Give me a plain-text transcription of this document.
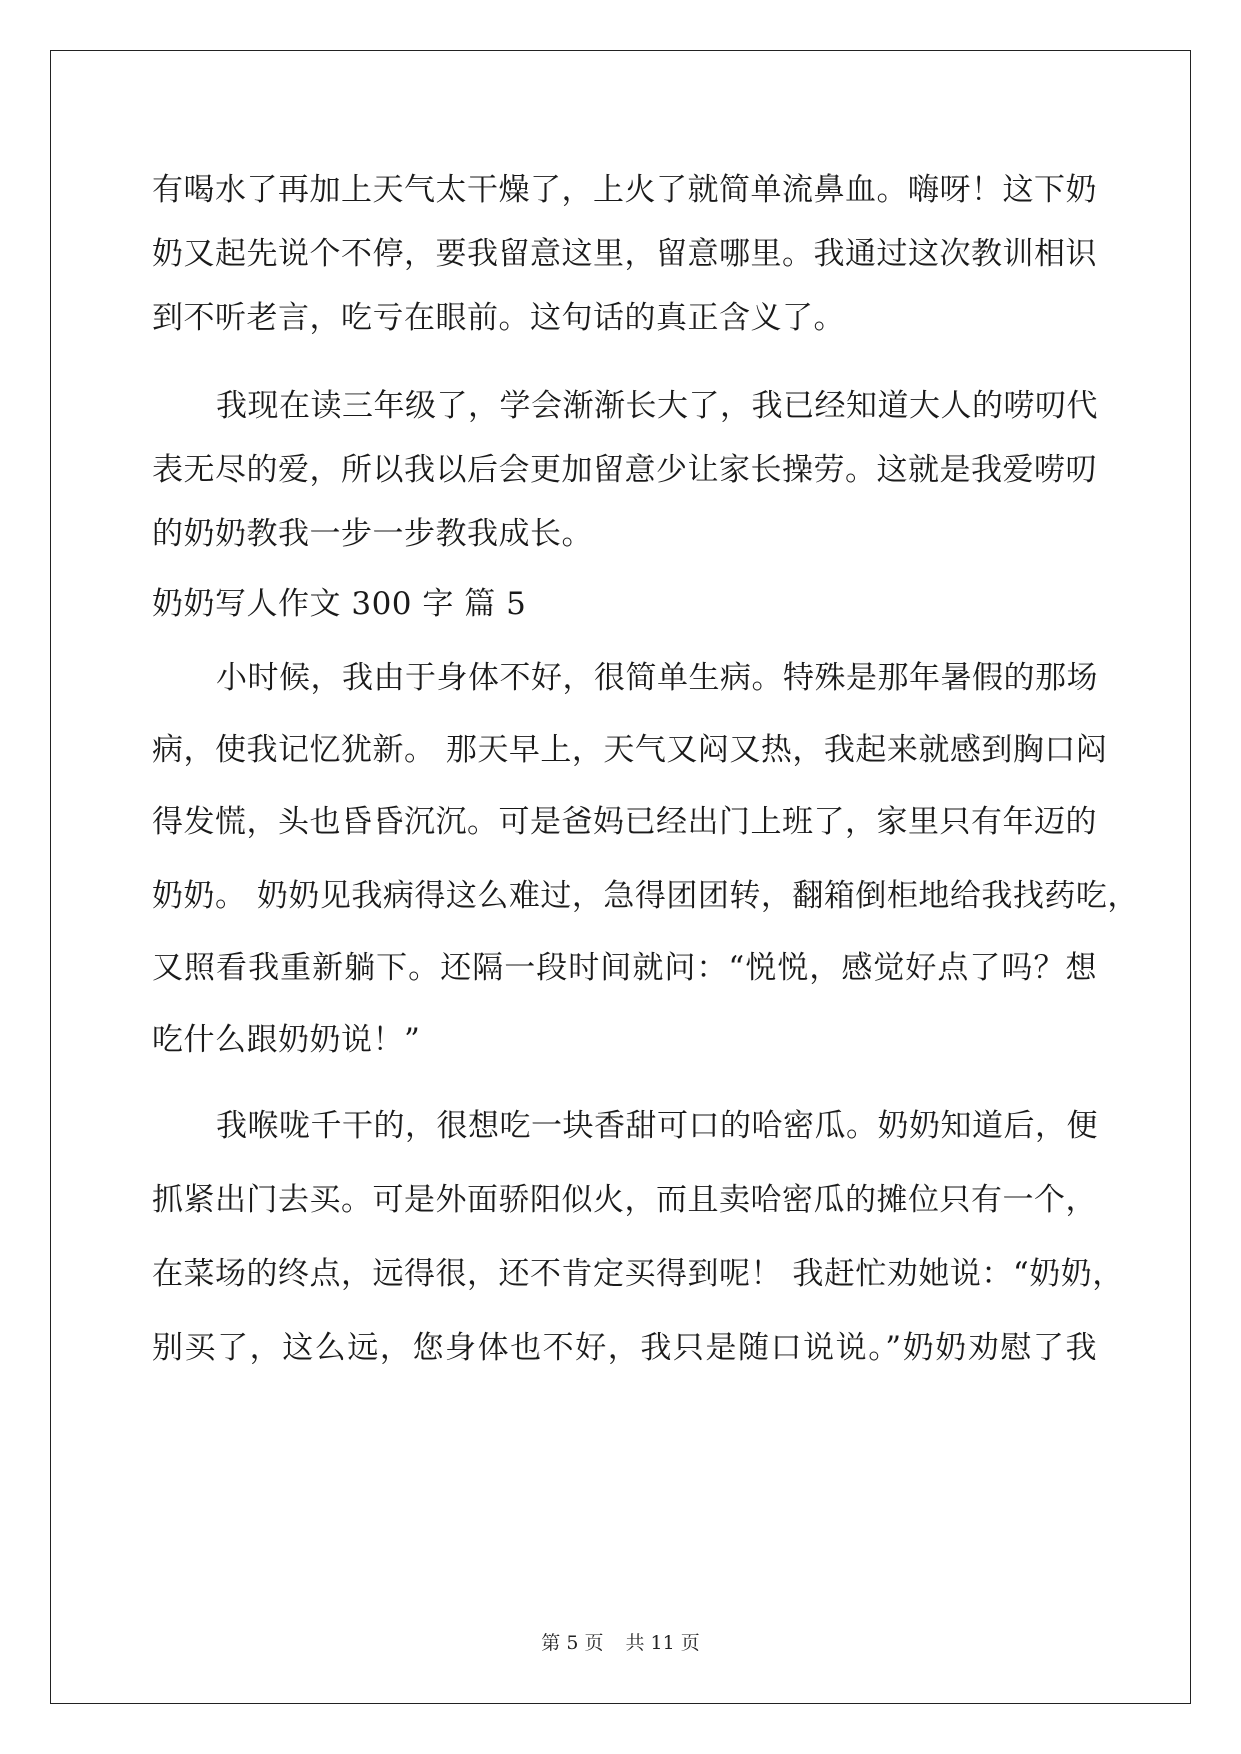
有喝水了再加上天气太干燥了，上火了就简单流鼻血。嗨呀！这下奶
奶又起先说个不停，要我留意这里，留意哪里。我通过这次教训相识
到不听老言，吃亏在眼前。这句话的真正含义了。
我现在读三年级了，学会渐渐长大了，我已经知道大人的唠叨代
表无尽的爱，所以我以后会更加留意少让家长操劳。这就是我爱唠叨
的奶奶教我一步一步教我成长。
奶奶写人作文 300 字 篇 5
小时候，我由于身体不好，很简单生病。特殊是那年暑假的那场
病，使我记忆犹新。 那天早上，天气又闷又热，我起来就感到胸口闷
得发慌，头也昏昏沉沉。可是爸妈已经出门上班了，家里只有年迈的
奶奶。 奶奶见我病得这么难过，急得团团转，翻箱倒柜地给我找药吃，
又照看我重新躺下。还隔一段时间就问：“悦悦，感觉好点了吗？想
吃什么跟奶奶说！”
我喉咙千干的，很想吃一块香甜可口的哈密瓜。奶奶知道后，便
抓紧出门去买。可是外面骄阳似火，而且卖哈密瓜的摊位只有一个，
在菜场的终点，远得很，还不肯定买得到呢！ 我赶忙劝她说：“奶奶，
别买了，这么远，您身体也不好，我只是随口说说。”奶奶劝慰了我
第 5 页 共 11 页
